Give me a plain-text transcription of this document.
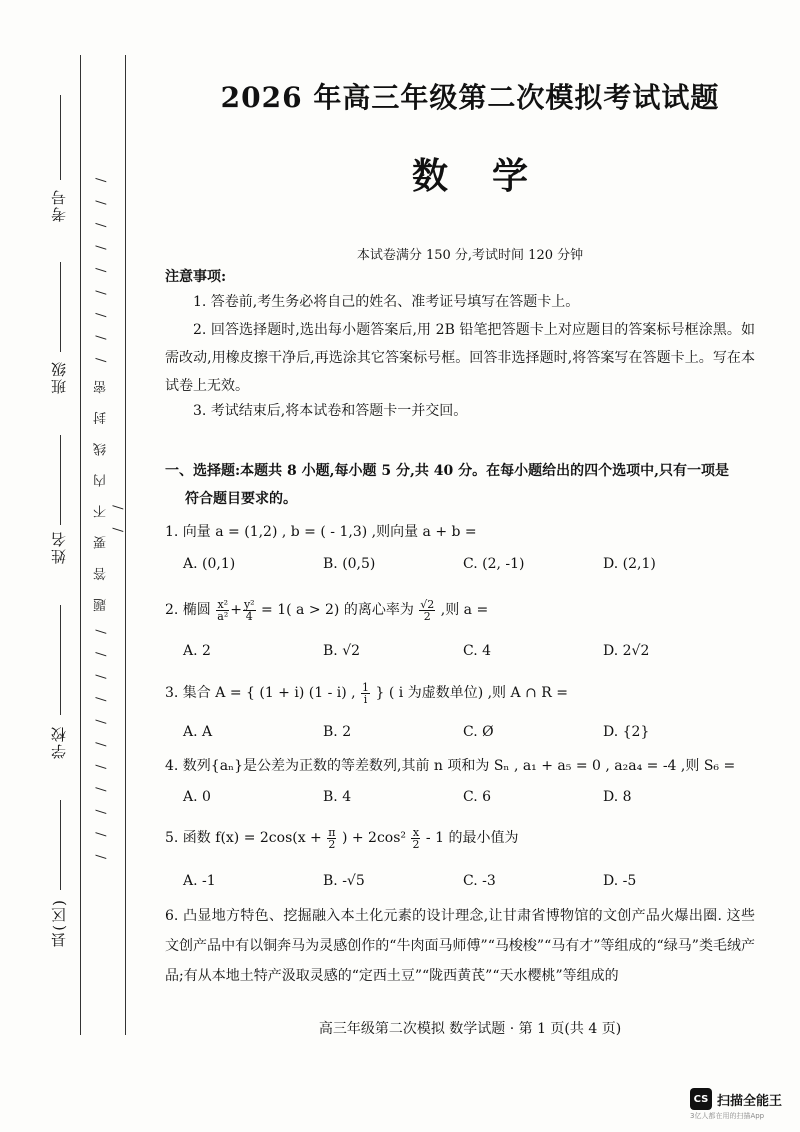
考号
班级
姓名
学校
县(区)
/ / / / / / / / / / / 题 答 要 不 内 线 封 密 / / / / / / / / / / /
2026 年高三年级第二次模拟考试试题
数学
本试卷满分 150 分,考试时间 120 分钟
注意事项:
1. 答卷前,考生务必将自己的姓名、准考证号填写在答题卡上。
2. 回答选择题时,选出每小题答案后,用 2B 铅笔把答题卡上对应题目的答案标号框涂黑。如需改动,用橡皮擦干净后,再选涂其它答案标号框。回答非选择题时,将答案写在答题卡上。写在本试卷上无效。
3. 考试结束后,将本试卷和答题卡一并交回。
一、选择题:本题共 8 小题,每小题 5 分,共 40 分。在每小题给出的四个选项中,只有一项是
符合题目要求的。
1. 向量 a = (1,2) , b = ( - 1,3) ,则向量 a + b =
A. (0,1)	B. (0,5)	C. (2, -1)	D. (2,1)
2. 椭圆 $\frac{\text{x²}}{\text{a²}} + \frac{\text{y²}}{4} = 1$( a > 2) 的离心率为 $\frac{√2}{2}$ ,则 a =
A. 2	B. √2	C. 4	D. 2√2
3. 集合 A = { (1 + i) (1 - i) , $\frac{1}{i}$ } ( i 为虚数单位) ,则 A ∩ R =
A. A	B. 2	C. Ø	D. {2}
4. 数列{aₙ}是公差为正数的等差数列,其前 n 项和为 Sₙ , a₁ + a₅ = 0 , a₂a₄ = -4 ,则 S₆ =
A. 0	B. 4	C. 6	D. 8
5. 函数 $f(x) = 2\cos(x + \frac{\pi}{2}$ ) + $2\cos^2 \frac{x}{2} - 1$ 的最小值为
A. -1	B. -√5	C. -3	D. -5
6. 凸显地方特色、挖掘融入本土化元素的设计理念,让甘肃省博物馆的文创产品火爆出圈. 这些文创产品中有以铜奔马为灵感创作的“牛肉面马师傅”“马梭梭”“马有才”等组成的“绿马”类毛绒产品;有从本地土特产汲取灵感的“定西土豆”“陇西黄芪”“天水樱桃”等组成的
高三年级第二次模拟 数学试题 · 第 1 页(共 4 页)
CS 扫描全能王
3亿人都在用的扫描App
